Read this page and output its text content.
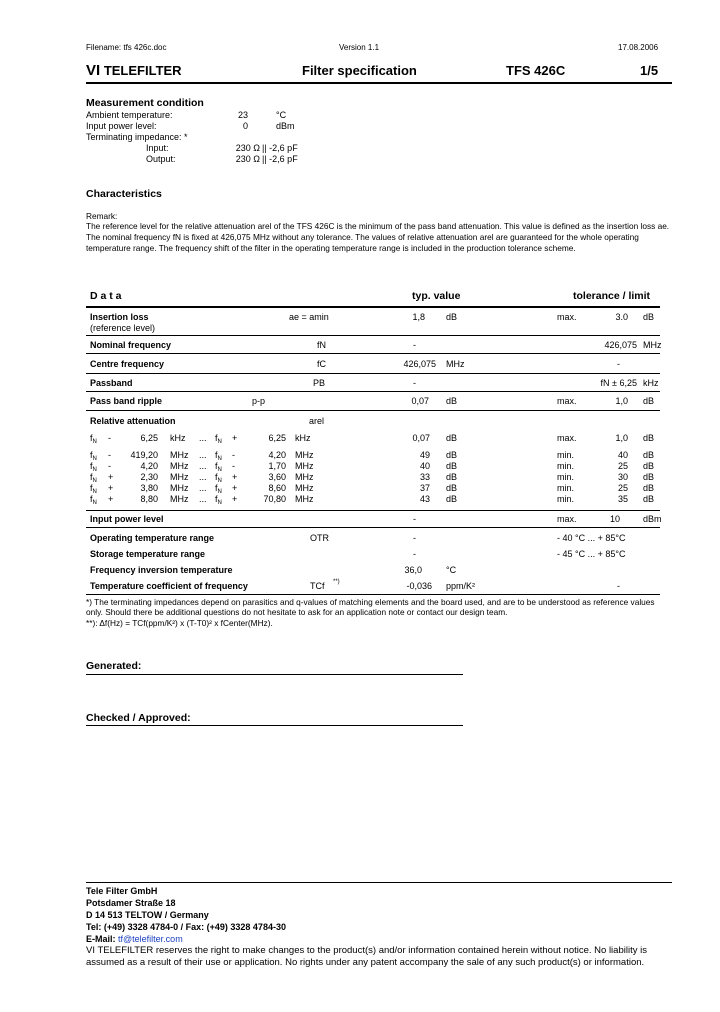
Filename: tfs 426c.doc	Version 1.1	17.08.2006
VI TELEFILTER	Filter specification	TFS 426C	1/5
Measurement condition
Ambient temperature:	23	°C
Input power level:	0	dBm
Terminating impedance: *
Input:	230 Ω || -2,6 pF
Output:	230 Ω || -2,6 pF
Characteristics
Remark:
The reference level for the relative attenuation arel of the TFS 426C is the minimum of the pass band attenuation. This value is defined as the insertion loss ae. The nominal frequency fN is fixed at 426,075 MHz without any tolerance. The values of relative attenuation arel are guaranteed for the whole operating temperature range. The frequency shift of the filter in the operating temperature range is included in the production tolerance scheme.
D a t a	typ. value	tolerance / limit
Insertion loss
(reference level)
ae = amin	1,8 dB	max.	3.0 dB
Nominal frequency	fN	-	426,075 MHz
Centre frequency	fC	426,075 MHz	-
Passband	PB	-	fN ± 6,25 kHz
Pass band ripple	p-p	0,07 dB	max.	1,0 dB
Relative attenuation	arel
$f_N$ -	6,25 kHz ... $f_N$ +	6,25 kHz	0,07 dB	max.	1,0 dB
$f_N$ -	419,20 MHz ... $f_N$ -	4,20 MHz	49 dB	min.	40 dB
$f_N$ -	4,20 MHz ... $f_N$ -	1,70 MHz	40 dB	min.	25 dB
$f_N$ +	2,30 MHz ... $f_N$ +	3,60 MHz	33 dB	min.	30 dB
$f_N$ +	3,80 MHz ... $f_N$ +	8,60 MHz	37 dB	min.	25 dB
$f_N$ +	8,80 MHz ... $f_N$ +	70,80 MHz	43 dB	min.	35 dB
Input power level	-	max.	10	dBm
Operating temperature range	OTR	-	- 40 °C ... + 85°C
Storage temperature range	-	- 45 °C ... + 85°C
Frequency inversion temperature	36,0	°C
Temperature coefficient of frequency	TCf **)	-0,036 ppm/K²	-
*) The terminating impedances depend on parasitics and q-values of matching elements and the board used, and are to be understood as reference values only. Should there be additional questions do not hesitate to ask for an application note or contact our design team.
**): Δf(Hz) = TCf(ppm/K²) x (T-T0)² x fCenter(MHz).
Generated:
Checked / Approved:
Tele Filter GmbH
Potsdamer Straße 18
D 14 513 TELTOW / Germany
Tel: (+49) 3328 4784-0 / Fax: (+49) 3328 4784-30
E-Mail: tf@telefilter.com
VI TELEFILTER reserves the right to make changes to the product(s) and/or information contained herein without notice. No liability is assumed as a result of their use or application. No rights under any patent accompany the sale of any such product(s) or information.
